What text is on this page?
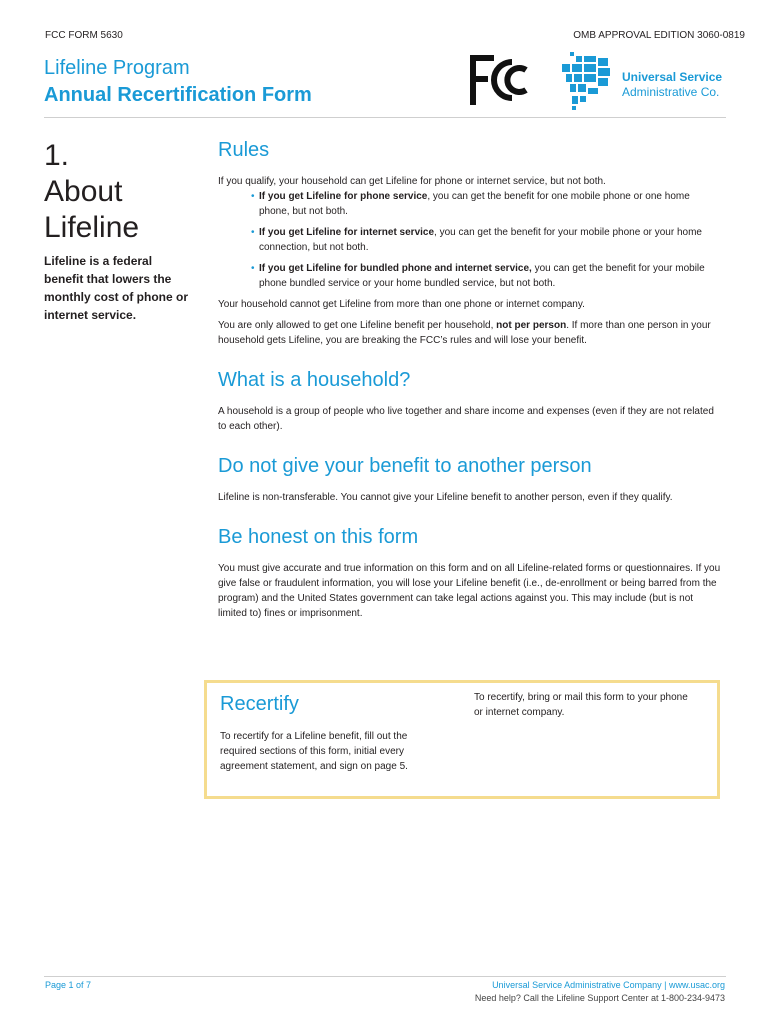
FCC FORM 5630	OMB APPROVAL EDITION 3060-0819
Lifeline Program
Annual Recertification Form
Universal Service
Administrative Co.
1.
About
Lifeline
Lifeline is a federal benefit that lowers the monthly cost of phone or internet service.
Rules

If you qualify, your household can get Lifeline for phone or internet service, but not both.

• If you get Lifeline for phone service, you can get the benefit for one mobile phone or one home phone, but not both.
• If you get Lifeline for internet service, you can get the benefit for your mobile phone or your home connection, but not both.
• If you get Lifeline for bundled phone and internet service, you can get the benefit for your mobile phone bundled service or your home bundled service, but not both.

Your household cannot get Lifeline from more than one phone or internet company.

You are only allowed to get one Lifeline benefit per household, not per person. If more than one person in your household gets Lifeline, you are breaking the FCC’s rules and will lose your benefit.

What is a household?

A household is a group of people who live together and share income and expenses (even if they are not related to each other).

Do not give your benefit to another person

Lifeline is non-transferable. You cannot give your Lifeline benefit to another person, even if they qualify.

Be honest on this form

You must give accurate and true information on this form and on all Lifeline-related forms or questionnaires. If you give false or fraudulent information, you will lose your Lifeline benefit (i.e., de-enrollment or being barred from the program) and the United States government can take legal actions against you. This may include (but is not limited to) fines or imprisonment.

Recertify
To recertify for a Lifeline benefit, fill out the required sections of this form, initial every agreement statement, and sign on page 5.
To recertify, bring or mail this form to your phone or internet company.
Page 1 of 7	Universal Service Administrative Company | www.usac.org
Need help? Call the Lifeline Support Center at 1-800-234-9473
